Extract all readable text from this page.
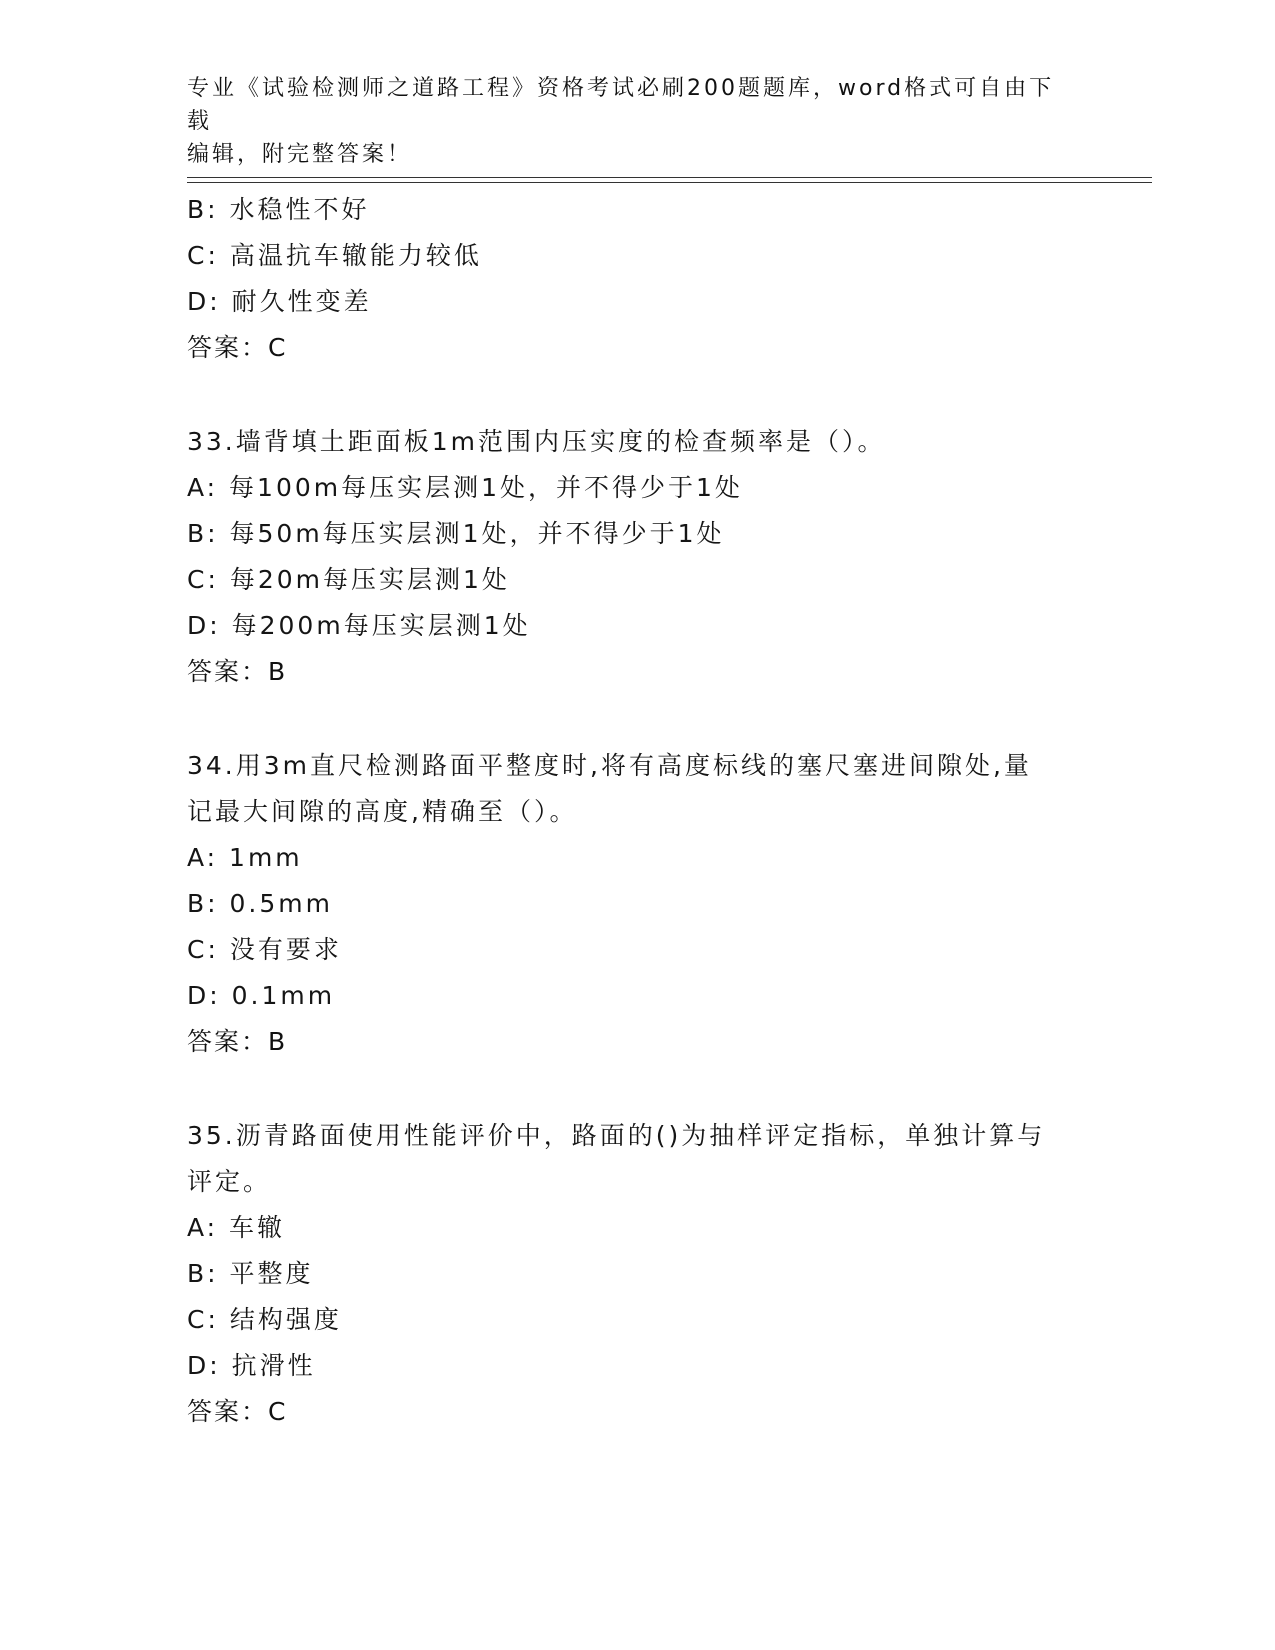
专业《试验检测师之道路工程》资格考试必刷200题题库，word格式可自由下载
编辑，附完整答案！
B: 水稳性不好
C: 高温抗车辙能力较低
D: 耐久性变差
答案：C
33.墙背填土距面板1m范围内压实度的检查频率是（）。
A: 每100m每压实层测1处，并不得少于1处
B: 每50m每压实层测1处，并不得少于1处
C: 每20m每压实层测1处
D: 每200m每压实层测1处
答案：B
34.用3m直尺检测路面平整度时,将有高度标线的塞尺塞进间隙处,量
记最大间隙的高度,精确至（）。
A: 1mm
B: 0.5mm
C: 没有要求
D: 0.1mm
答案：B
35.沥青路面使用性能评价中，路面的()为抽样评定指标，单独计算与
评定。
A: 车辙
B: 平整度
C: 结构强度
D: 抗滑性
答案：C
